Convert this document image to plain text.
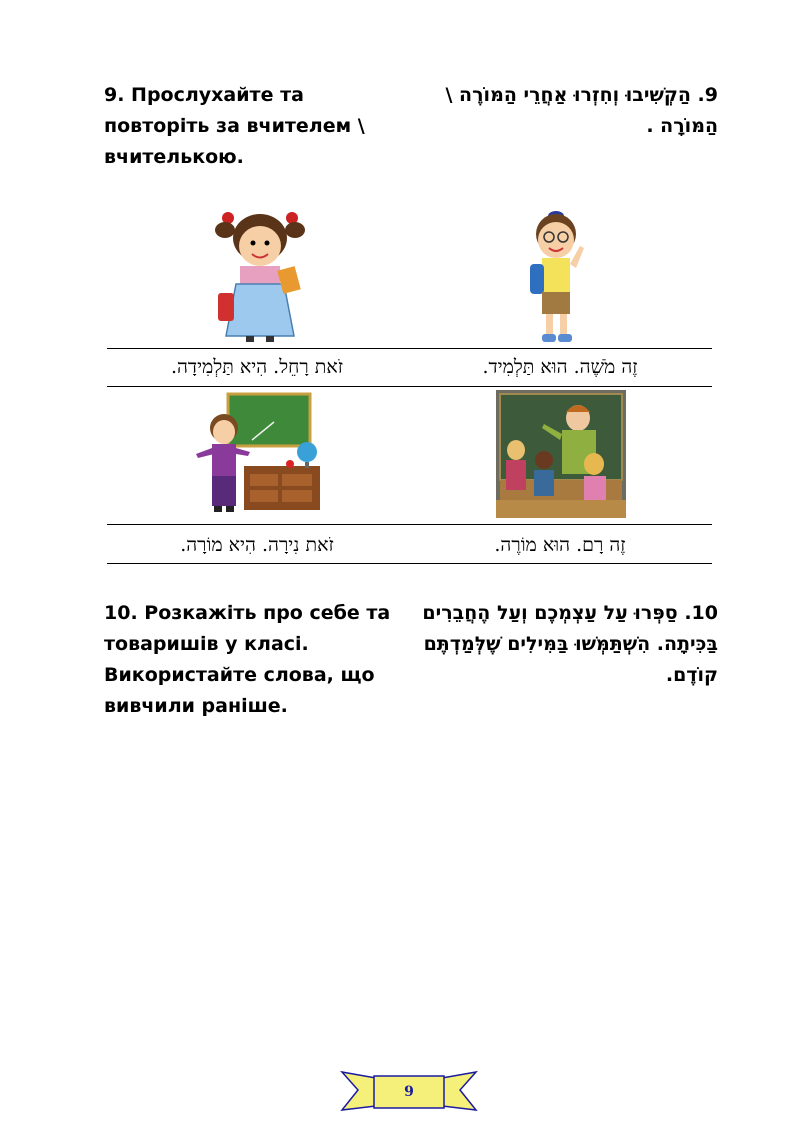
9. Прослухайте та повторіть за вчителем \ вчителькою.
9. הַקְשִׁיבוּ וְחִזְרוּ אַחֲרֵי הַמּוֹרֶה \ הַמּוֹרָה .
זֹאת רָחֵל. הִיא תַּלְמִידָה.	זֶה מֹשֶׁה. הוּא תַּלְמִיד.
זֹאת נִירָה. הִיא מוֹרָה.	זֶה רָם. הוּא מוֹרֶה.
10. Розкажіть про себе та товаришів у класі. Використайте слова, що вивчили раніше.
10. סַפְּרוּ עַל עַצְמְכֶם וְעַל הֶחֲבֵרִים בַּכִּיתָה. הִשְׁתַּמְּשׁוּ בַּמִּילִים שֶׁלְּמַדְתֶּם קוֹדֶם.
9
